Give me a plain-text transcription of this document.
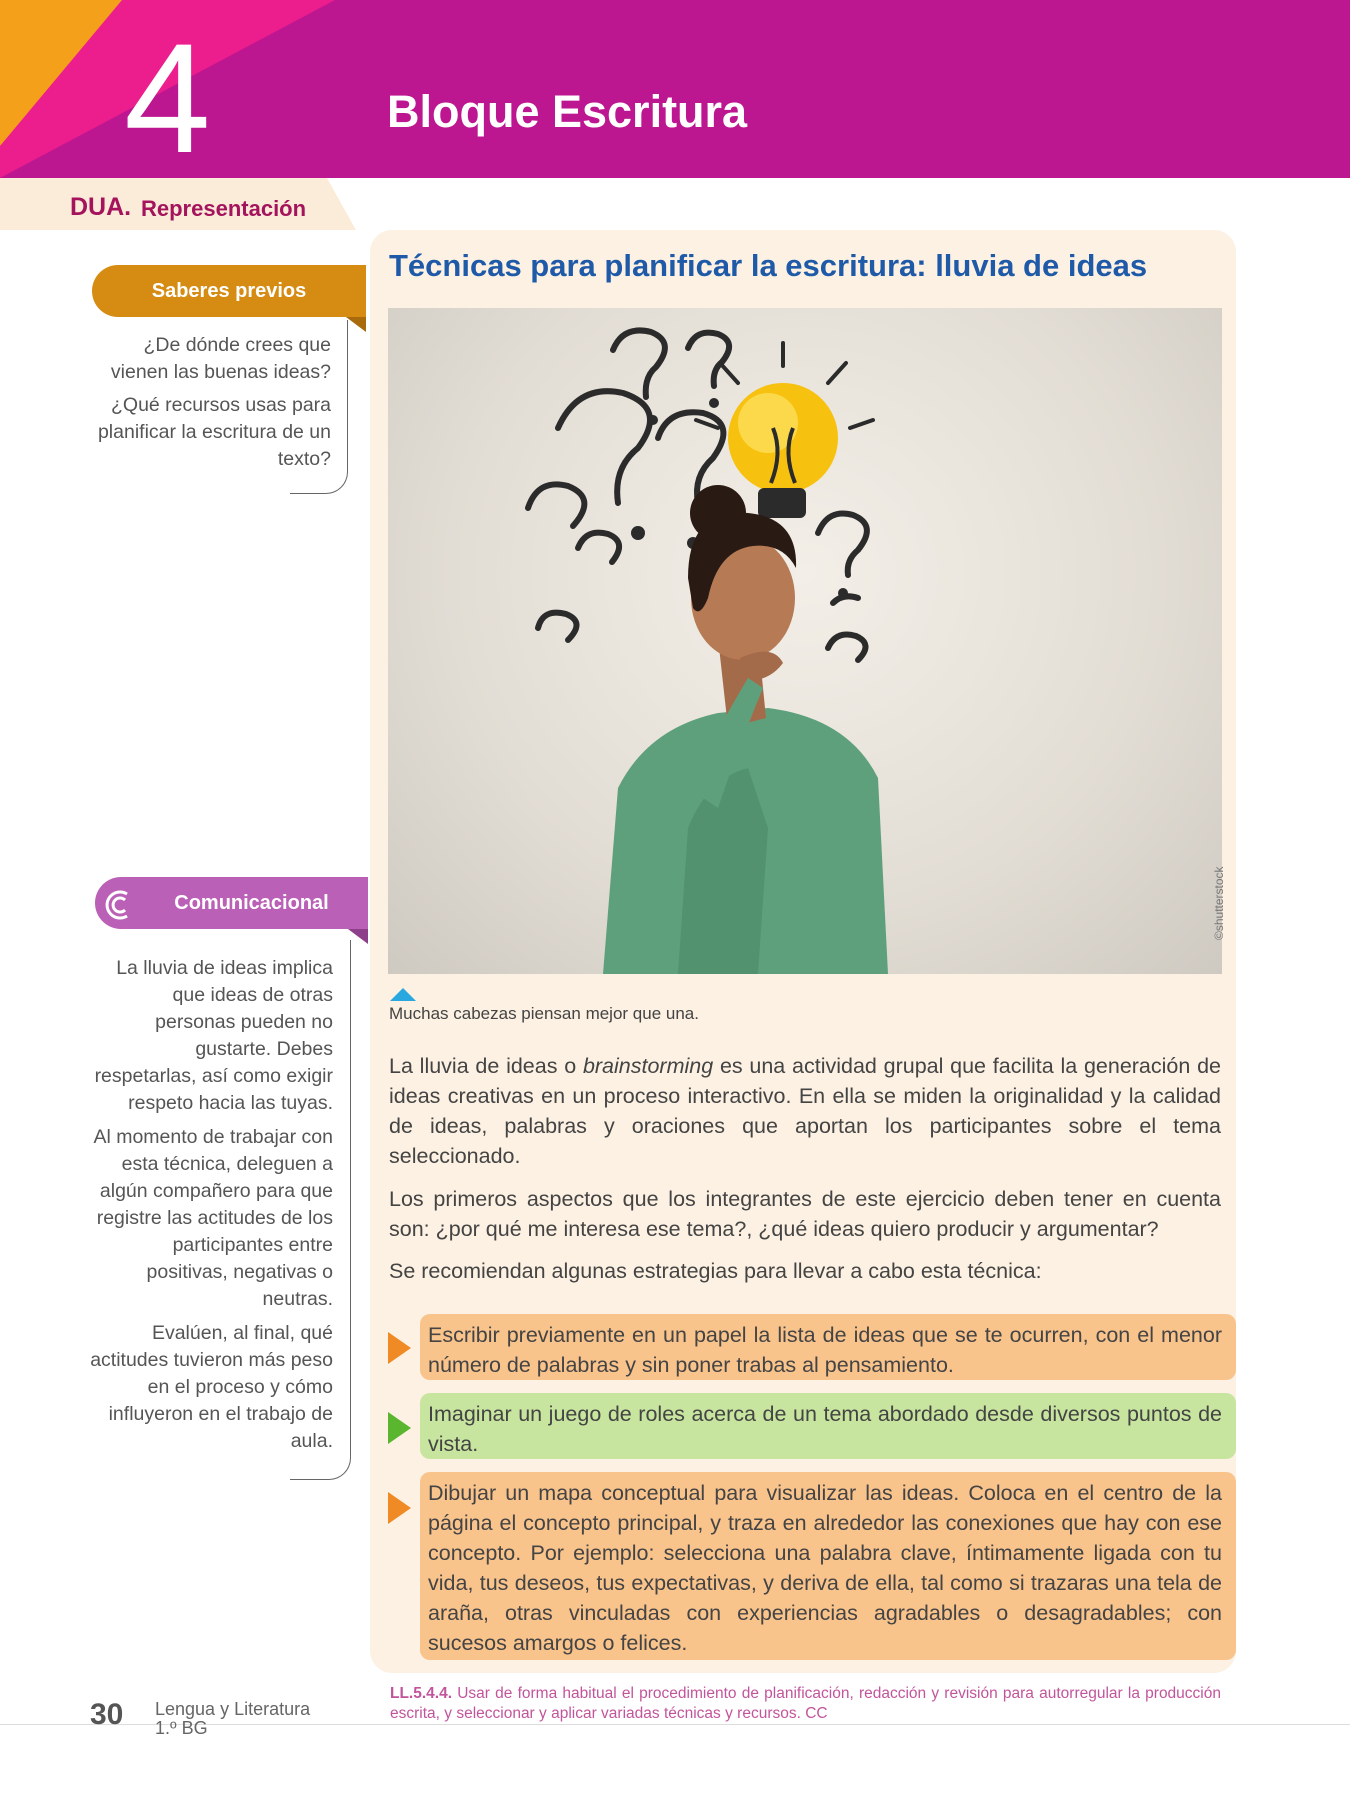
4	Bloque Escritura
DUA. Representación
Saberes previos

¿De dónde crees que vienen las buenas ideas?

¿Qué recursos usas para planificar la escritura de un texto?

Comunicacional

La lluvia de ideas implica que ideas de otras personas pueden no gustarte. Debes respetarlas, así como exigir respeto hacia las tuyas.

Al momento de trabajar con esta técnica, deleguen a algún compañero para que registre las actitudes de los participantes entre positivas, negativas o neutras.

Evalúen, al final, qué actitudes tuvieron más peso en el proceso y cómo influyeron en el trabajo de aula.

Técnicas para planificar la escritura: lluvia de ideas
©shutterstock
Muchas cabezas piensan mejor que una.
La lluvia de ideas o brainstorming es una actividad grupal que facilita la generación de ideas creativas en un proceso interactivo. En ella se miden la originalidad y la calidad de ideas, palabras y oraciones que aportan los participantes sobre el tema seleccionado.
Los primeros aspectos que los integrantes de este ejercicio deben tener en cuenta son: ¿por qué me interesa ese tema?, ¿qué ideas quiero producir y argumentar?
Se recomiendan algunas estrategias para llevar a cabo esta técnica:
Escribir previamente en un papel la lista de ideas que se te ocurren, con el menor número de palabras y sin poner trabas al pensamiento.
Imaginar un juego de roles acerca de un tema abordado desde diversos puntos de vista.
Dibujar un mapa conceptual para visualizar las ideas. Coloca en el centro de la página el concepto principal, y traza en alrededor las conexiones que hay con ese concepto. Por ejemplo: selecciona una palabra clave, íntimamente ligada con tu vida, tus deseos, tus expectativas, y deriva de ella, tal como si trazaras una tela de araña, otras vinculadas con experiencias agradables o desagradables; con sucesos amargos o felices.
LL.5.4.4. Usar de forma habitual el procedimiento de planificación, redacción y revisión para autorregular la producción escrita, y seleccionar y aplicar variadas técnicas y recursos. CC
30 Lengua y Literatura
1.º BG
